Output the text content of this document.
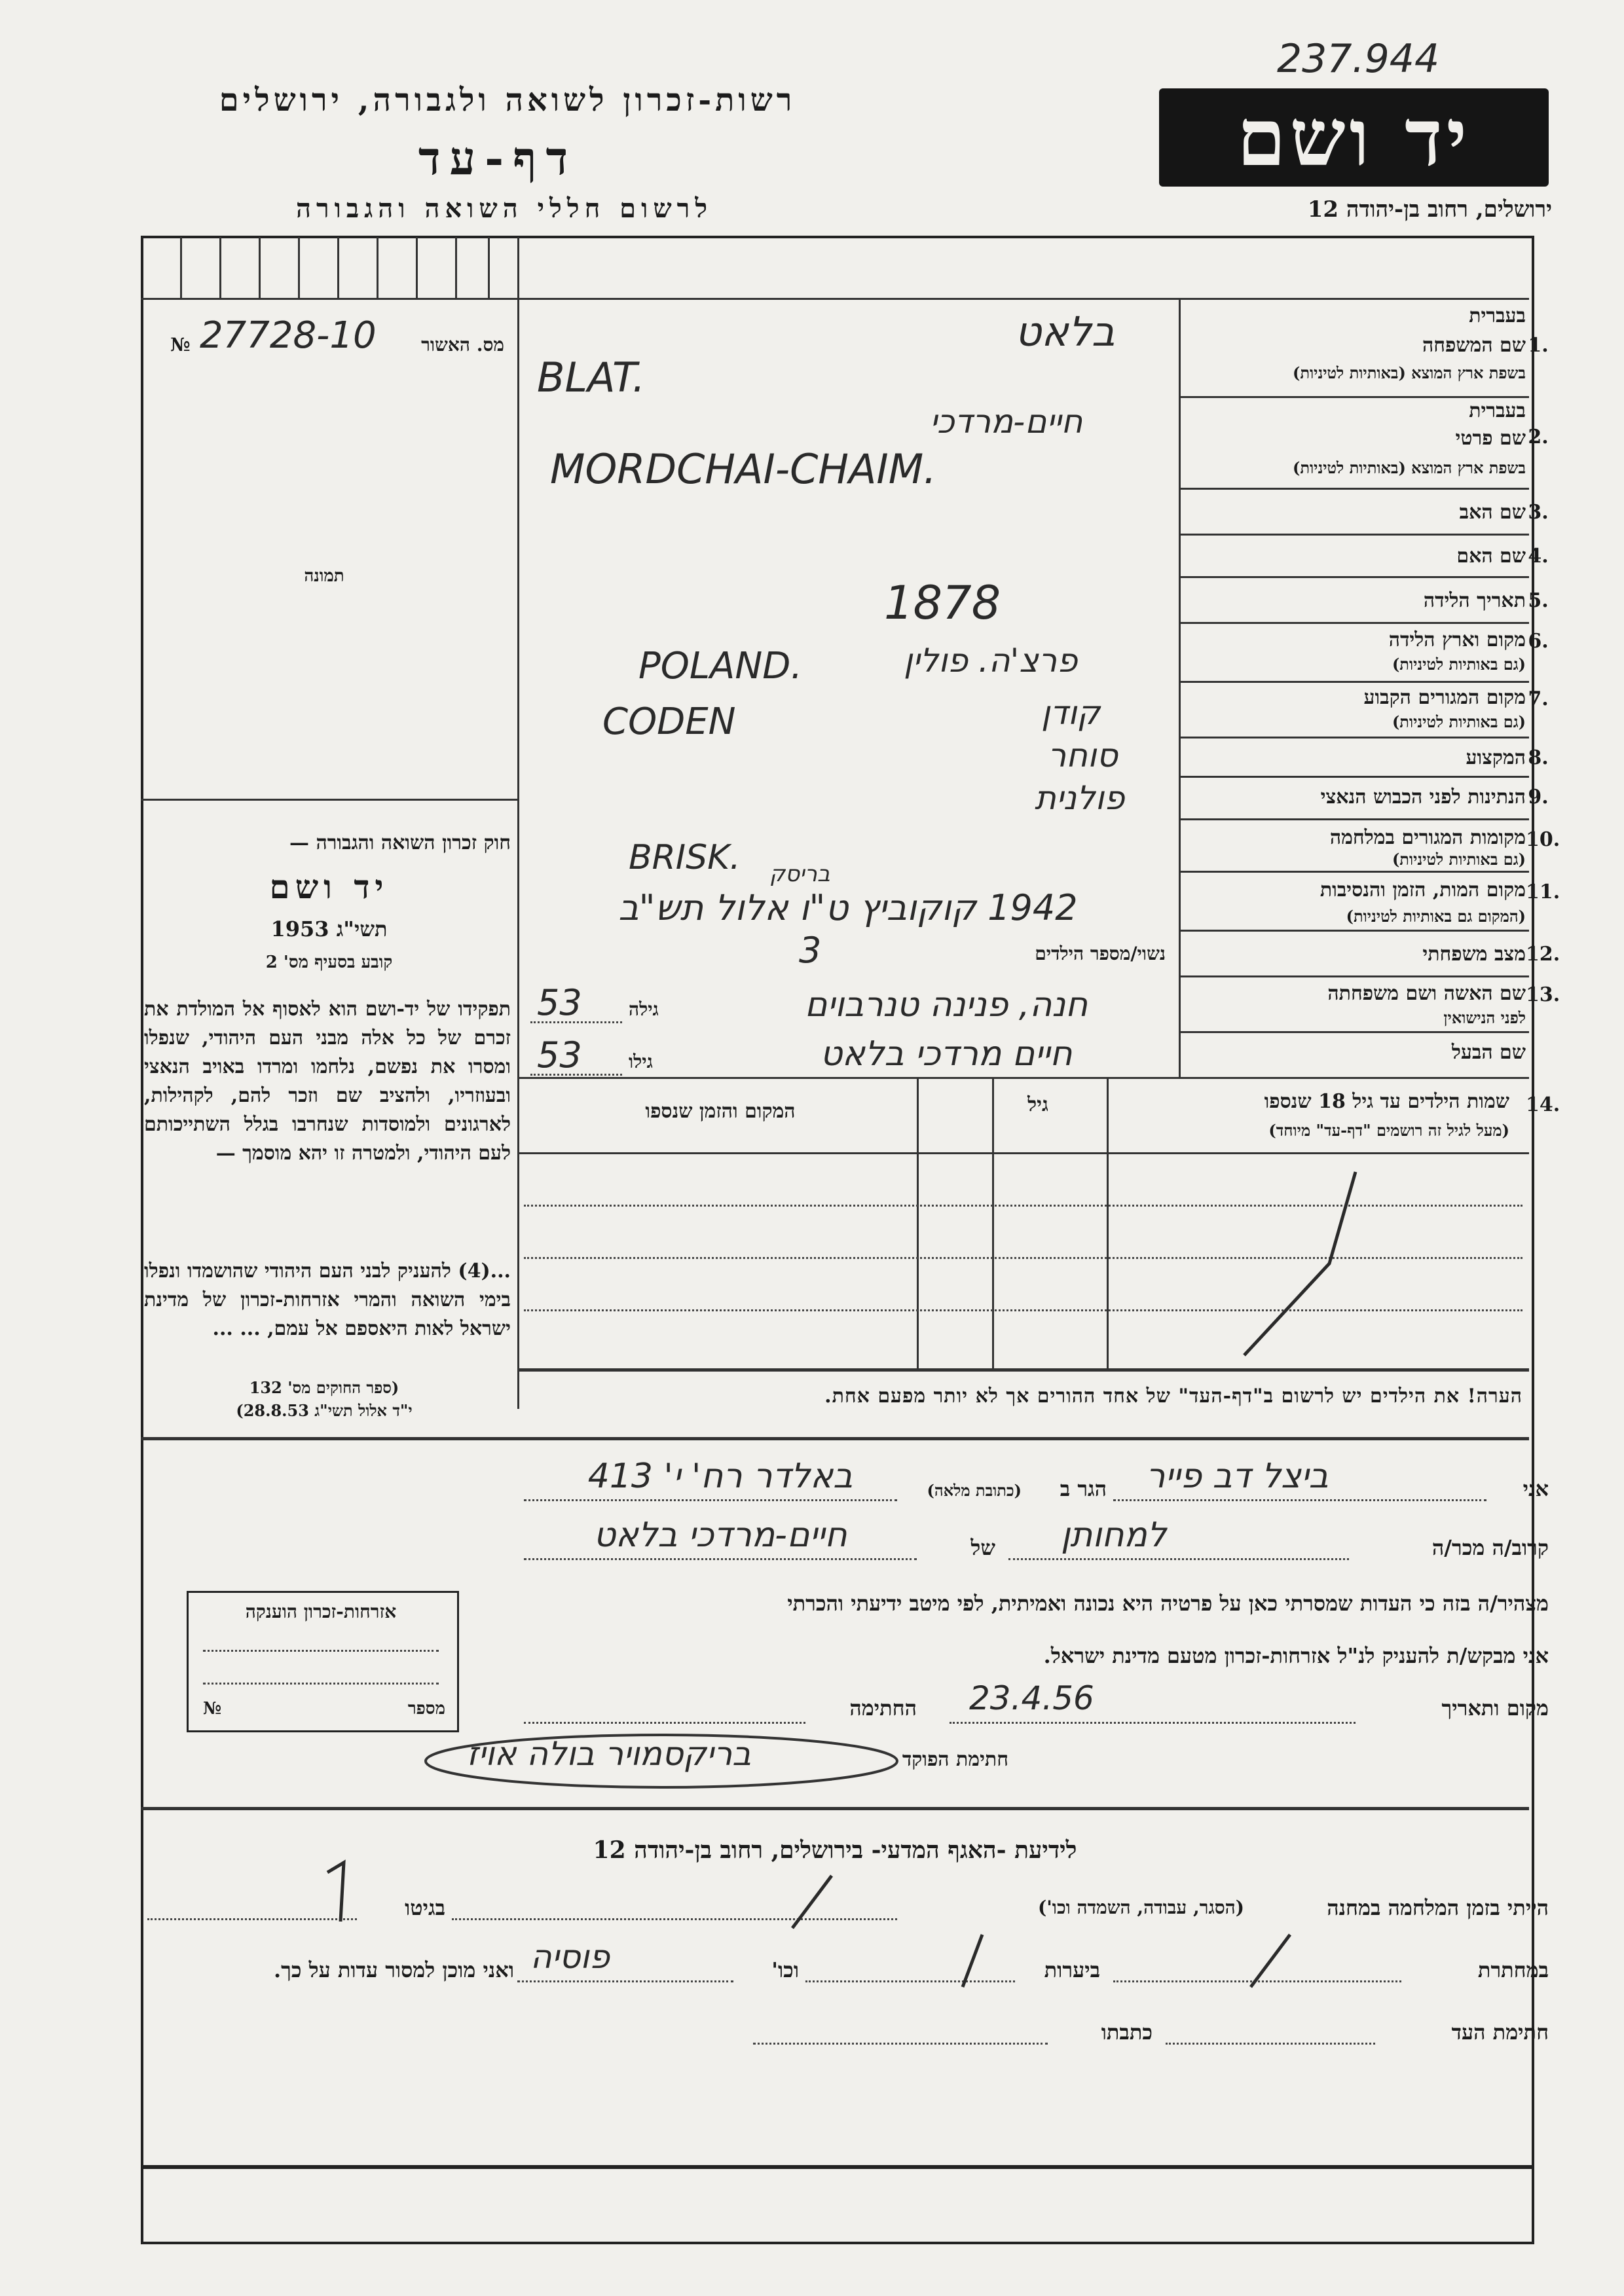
237.944
רשות-זכרון לשואה ולגבורה, ירושלים
דף-עד
לרשום חללי השואה והגבורה
יד ושם
ירושלים, רחוב בן-יהודה 12
№ 27728-10	מס. האשור
תמונה
חוק זכרון השואה והגבורה —
יד ושם
תשי"ג 1953
קובע בסעיף מס' 2
תפקידו של יד-ושם הוא לאסוף אל המולדת את זכרם של כל אלה מבני העם היהודי, שנפלו ומסרו את נפשם, נלחמו ומרדו באויב הנאצי ובעוזריו, ולהציב שם וזכר להם, לקהילות, לארגונים ולמוסדות שנחרבו בגלל השתייכותם לעם היהודי, ולמטרה זו יהא מוסמך —
...(4) להעניק לבני העם היהודי שהושמדו ונפלו בימי השואה והמרי אזרחות-זכרון של מדינת ישראל לאות היאספם אל עמם, ... ...
(ספר החוקים מס' 132
י"ד אלול תשי"ג 28.8.53)
1.
בעברית
שם המשפחה
בשפת ארץ המוצא (באותיות לטיניות)
בלאט
BLAT.
2.
בעברית
שם פרטי
בשפת ארץ המוצא (באותיות לטיניות)
חיים-מרדכי
MORDCHAI-CHAIM.
3.
שם האב
4.
שם האם
5.
תאריך הלידה
1878
6.
מקום וארץ הלידה
(גם באותיות לטיניות)
פרצ'ה. פולין
POLAND.
7.
מקום המגורים הקבוע
(גם באותיות לטיניות)
קודן
CODEN
8.
המקצוע
סוחר
9.
הנתינות לפני הכבוש הנאצי
פולנית
10.
מקומות המגורים במלחמה
(גם באותיות לטיניות)
BRISK. בריסק
11.
מקום המות, הזמן והנסיבות
(המקום גם באותיות לטיניות)
1942 קוקוביץ ט"ו אלול תש"ב
12.
מצב משפחתי
נשוי/מספר הילדים
3
13.
שם האשה ושם משפחתה
לפני הנישואין
חנה, פנינה טנרבוים
גילה
53
שם הבעל
חיים מרדכי בלאט
גילו
53
14.
שמות הילדים עד גיל 18 שנספו
(מעל לגיל זה רושמים "דף-עד" מיוחד)
גיל
המקום והזמן שנספו
הערה! את הילדים יש לרשום ב"דף-העד" של אחד ההורים אך לא יותר מפעם אחת.
אני
ביצל דב פייר
הגר ב
(כתובת מלאה)
באלדר רח' י' 413
קרוב/ה מכר/ה
למחותן
של
חיים-מרדכי בלאט
מצהיר/ה בזה כי העדות שמסרתי כאן על פרטיה היא נכונה ואמיתית, לפי מיטב ידיעתי והכרתי
אני מבקש/ת להעניק לנ"ל אזרחות-זכרון מטעם מדינת ישראל.
מקום ותאריך
23.4.56
החתימה
חתימת הפוקד
בריקסמויר בולה אויז
אזרחות-זכרון הוענקה
№	מספר
לידיעת -האגף המדעי- בירושלים, רחוב בן-יהודה 12
הייתי בזמן המלחמה במחנה
(הסגר, עבודה, השמדה וכו')
בגיטו
במחתרת
ביערות
וכו'
פוסיה
ואני מוכן למסור עדות על כך.
חתימת העד
כתבתו
